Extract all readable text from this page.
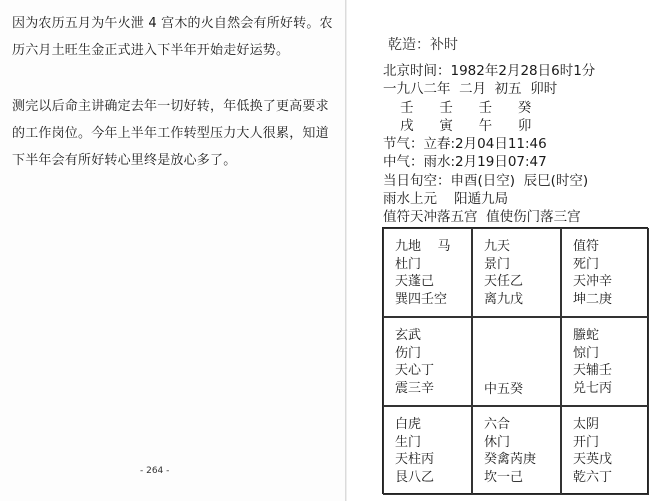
因为农历五月为午火泄 4 宫木的火自然会有所好转。农历六月土旺生金正式进入下半年开始走好运势。

测完以后命主讲确定去年一切好转，年低换了更高要求的工作岗位。今年上半年工作转型压力大人很累，知道下半年会有所好转心里终是放心多了。

- 264 -
乾造：补时
北京时间：1982年2月28日6时1分
一九八二年  二月  初五  卯时
壬      壬      壬      癸
戌      寅      午      卯
节气：立春:2月04日11:46
中气：雨水:2月19日07:47
当日旬空：申酉(日空)  辰巳(时空)
雨水上元    阳遁九局
值符天冲落五宫  值使伤门落三宫
九地    马
杜门
天蓬己
巽四壬空
九天
景门
天任乙
离九戊
值符
死门
天冲辛
坤二庚
玄武
伤门
天心丁
震三辛	中五癸
螣蛇
惊门
天辅壬
兑七丙
白虎
生门
天柱丙
艮八乙
六合
休门
癸禽芮庚
坎一己
太阴
开门
天英戊
乾六丁
